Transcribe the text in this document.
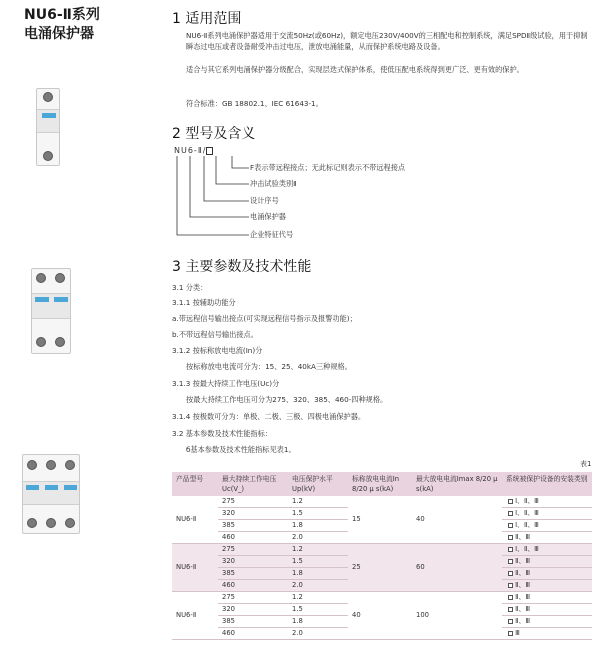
NU6-Ⅱ系列
电涌保护器
1 适用范围
NU6-Ⅱ系列电涌保护器适用于交流50Hz(或60Hz)，额定电压230V/400V的三相配电和控制系统，满足SPDⅡ级试验，用于抑制瞬态过电压或者设备耐受冲击过电压，泄放电涌能量，从而保护系统电路及设备。
适合与其它系列电涌保护器分级配合，实现层迭式保护体系，使低压配电系统得到更广泛、更有效的保护。
符合标准：GB 18802.1、IEC 61643-1。
2 型号及含义
NU6-Ⅱ/
F表示带远程接点；无此标记则表示不带远程接点
冲击试验类别Ⅱ
设计序号
电涌保护器
企业特征代号
3 主要参数及技术性能
3.1 分类：
3.1.1 按辅助功能分
a.带远程信号输出接点(可实现远程信号指示及报警功能)；
b.不带远程信号输出接点。
3.1.2 按标称放电电流(In)分
按标称放电电流可分为：15、25、40kA三种规格。
3.1.3 按最大持续工作电压(Uc)分
按最大持续工作电压可分为275、320、385、460-四种规格。
3.1.4 按极数可分为：单极、二极、三极、四极电涌保护器。
3.2 基本参数及技术性能指标：
б基本参数及技术性能指标见表1。
表1
产品型号	最大持续工作电压Uc(V_)	电压保护水平Up(kV)	标称放电电流In 8/20 μ s(kA)	最大放电电流Imax 8/20 μ s(kA)	系统被保护设备的安装类别
NU6-Ⅱ	275	1.2	15	40	Ⅰ、Ⅱ、Ⅲ
	320	1.5			Ⅰ、Ⅱ、Ⅲ
	385	1.8			Ⅰ、Ⅱ、Ⅲ
	460	2.0			Ⅱ、Ⅲ
NU6-Ⅱ	275	1.2	25	60	Ⅰ、Ⅱ、Ⅲ
	320	1.5			Ⅱ、Ⅲ
	385	1.8			Ⅱ、Ⅲ
	460	2.0			Ⅱ、Ⅲ
NU6-Ⅱ	275	1.2	40	100	Ⅱ、Ⅲ
	320	1.5			Ⅱ、Ⅲ
	385	1.8			Ⅱ、Ⅲ
	460	2.0			Ⅲ
